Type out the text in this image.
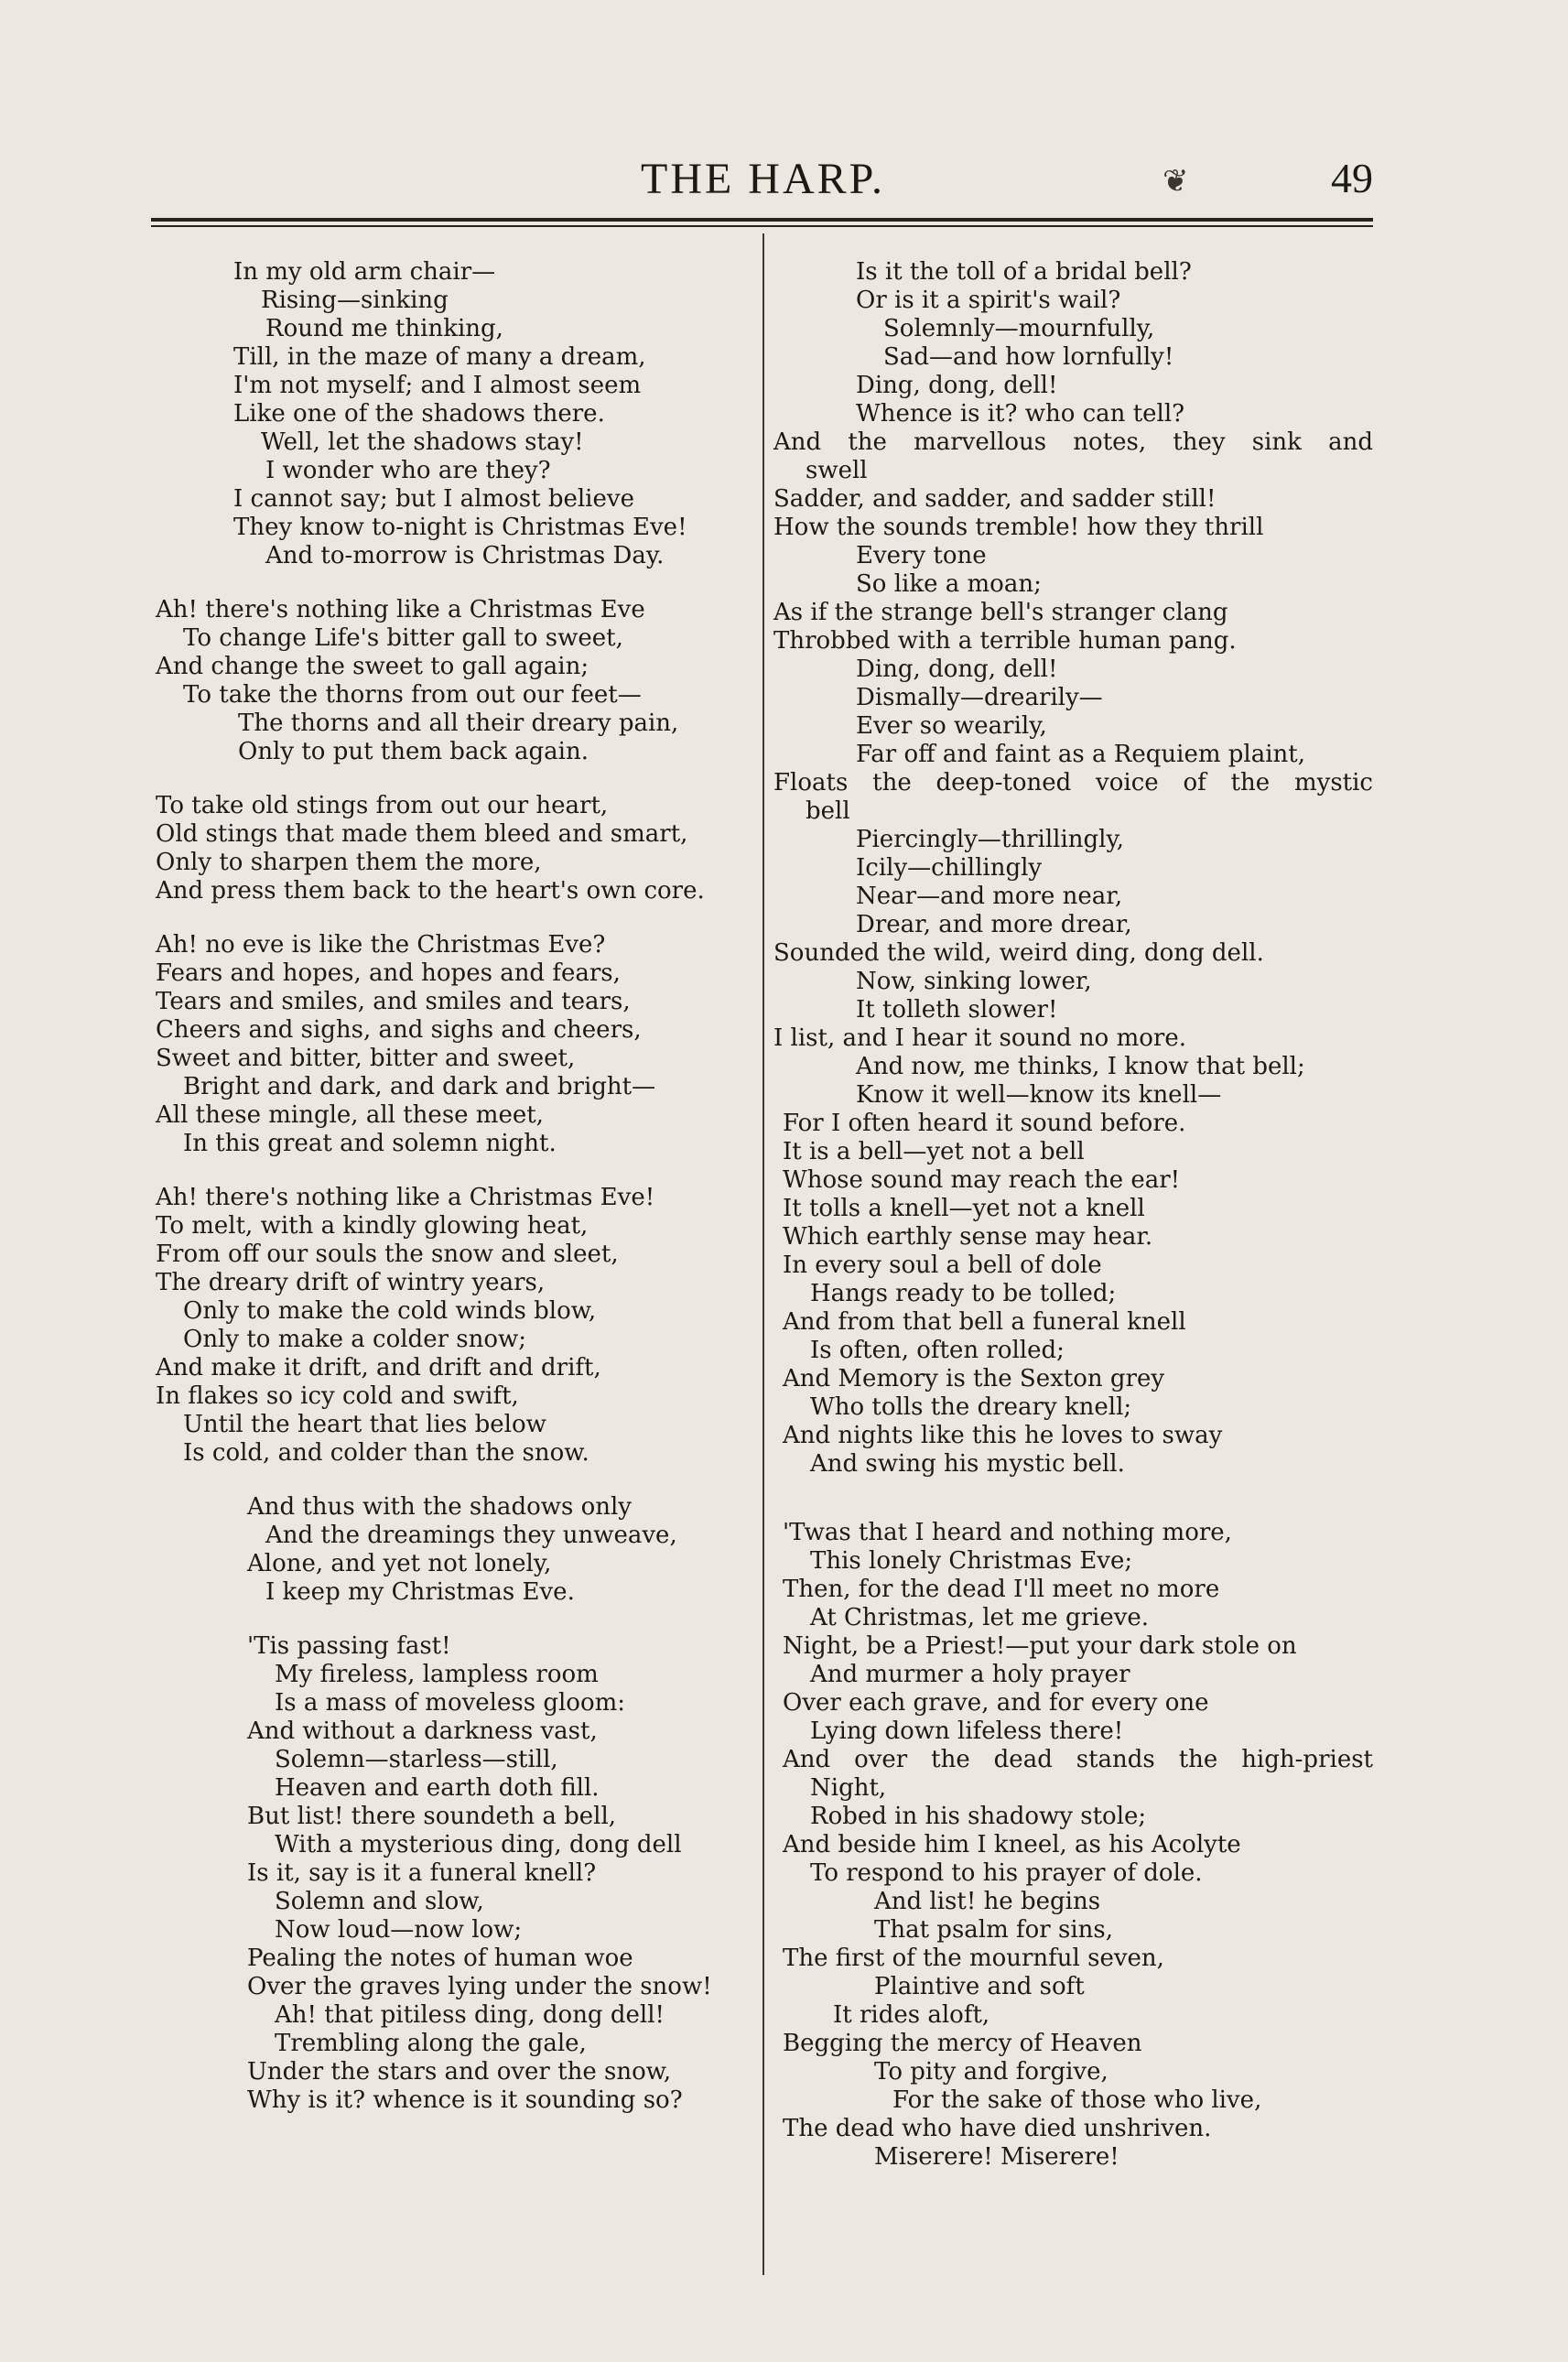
THE HARP.	❦	49
In my old arm chair—
Rising—sinking
Round me thinking,
Till, in the maze of many a dream,
I'm not myself; and I almost seem
Like one of the shadows there.
Well, let the shadows stay!
I wonder who are they?
I cannot say; but I almost believe
They know to-night is Christmas Eve!
And to-morrow is Christmas Day.
Ah! there's nothing like a Christmas Eve
To change Life's bitter gall to sweet,
And change the sweet to gall again;
To take the thorns from out our feet—
The thorns and all their dreary pain,
Only to put them back again.
To take old stings from out our heart,
Old stings that made them bleed and smart,
Only to sharpen them the more,
And press them back to the heart's own core.
Ah! no eve is like the Christmas Eve?
Fears and hopes, and hopes and fears,
Tears and smiles, and smiles and tears,
Cheers and sighs, and sighs and cheers,
Sweet and bitter, bitter and sweet,
Bright and dark, and dark and bright—
All these mingle, all these meet,
In this great and solemn night.
Ah! there's nothing like a Christmas Eve!
To melt, with a kindly glowing heat,
From off our souls the snow and sleet,
The dreary drift of wintry years,
Only to make the cold winds blow,
Only to make a colder snow;
And make it drift, and drift and drift,
In flakes so icy cold and swift,
Until the heart that lies below
Is cold, and colder than the snow.
And thus with the shadows only
And the dreamings they unweave,
Alone, and yet not lonely,
I keep my Christmas Eve.
'Tis passing fast!
My fireless, lampless room
Is a mass of moveless gloom:
And without a darkness vast,
Solemn—starless—still,
Heaven and earth doth fill.
But list! there soundeth a bell,
With a mysterious ding, dong dell
Is it, say is it a funeral knell?
Solemn and slow,
Now loud—now low;
Pealing the notes of human woe
Over the graves lying under the snow!
Ah! that pitiless ding, dong dell!
Trembling along the gale,
Under the stars and over the snow,
Why is it? whence is it sounding so?
Is it the toll of a bridal bell?
Or is it a spirit's wail?
Solemnly—mournfully,
Sad—and how lornfully!
Ding, dong, dell!
Whence is it? who can tell?
And the marvellous notes, they sink and
swell
Sadder, and sadder, and sadder still!
How the sounds tremble! how they thrill
Every tone
So like a moan;
As if the strange bell's stranger clang
Throbbed with a terrible human pang.
Ding, dong, dell!
Dismally—drearily—
Ever so wearily,
Far off and faint as a Requiem plaint,
Floats the deep-toned voice of the mystic
bell
Piercingly—thrillingly,
Icily—chillingly
Near—and more near,
Drear, and more drear,
Sounded the wild, weird ding, dong dell.
Now, sinking lower,
It tolleth slower!
I list, and I hear it sound no more.
And now, me thinks, I know that bell;
Know it well—know its knell—
For I often heard it sound before.
It is a bell—yet not a bell
Whose sound may reach the ear!
It tolls a knell—yet not a knell
Which earthly sense may hear.
In every soul a bell of dole
Hangs ready to be tolled;
And from that bell a funeral knell
Is often, often rolled;
And Memory is the Sexton grey
Who tolls the dreary knell;
And nights like this he loves to sway
And swing his mystic bell.
'Twas that I heard and nothing more,
This lonely Christmas Eve;
Then, for the dead I'll meet no more
At Christmas, let me grieve.
Night, be a Priest!—put your dark stole on
And murmer a holy prayer
Over each grave, and for every one
Lying down lifeless there!
And over the dead stands the high-priest
Night,
Robed in his shadowy stole;
And beside him I kneel, as his Acolyte
To respond to his prayer of dole.
And list! he begins
That psalm for sins,
The first of the mournful seven,
Plaintive and soft
It rides aloft,
Begging the mercy of Heaven
To pity and forgive,
For the sake of those who live,
The dead who have died unshriven.
Miserere! Miserere!
